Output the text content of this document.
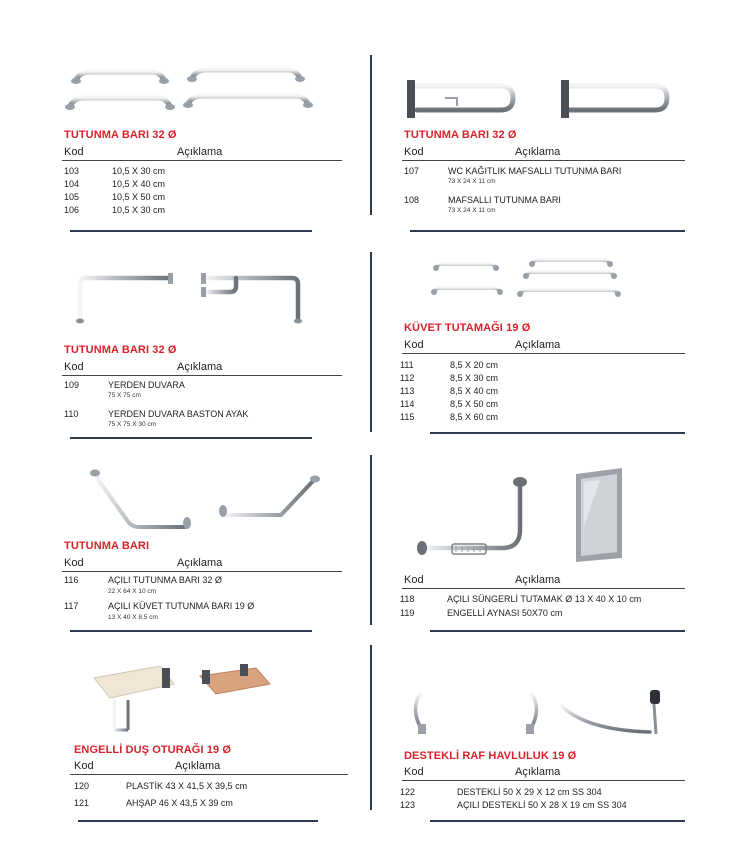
TUTUNMA BARI 32 Ø
Kod	Açıklama
103	10,5 X 30 cm
104	10,5 X 40 cm
105	10,5 X 50 cm
106	10,5 X 30 cm
TUTUNMA BARI 32 Ø
Kod	Açıklama
107	WC KAĞITLIK MAFSALLI TUTUNMA BARI
73 X 24 X 11 cm
108	MAFSALLI TUTUNMA BARI
73 X 24 X 11 cm
TUTUNMA BARI 32 Ø
Kod	Açıklama
109	YERDEN DUVARA
75 X 75 cm
110	YERDEN DUVARA BASTON AYAK
75 X 75 X 30 cm
KÜVET TUTAMAĞI 19 Ø
Kod	Açıklama
111	8,5 X 20 cm
112	8,5 X 30 cm
113	8,5 X 40 cm
114	8,5 X 50 cm
115	8,5 X 60 cm
TUTUNMA BARI
Kod	Açıklama
116	AÇILI TUTUNMA BARI 32 Ø
22 X 64 X 10 cm
117	AÇILI KÜVET TUTUNMA BARI 19 Ø
13 X 40 X 8,5 cm
Kod	Açıklama
118	AÇILI SÜNGERLİ TUTAMAK Ø 13 X 40 X 10 cm
119	ENGELLİ AYNASI 50X70 cm
ENGELLİ DUŞ OTURAĞI 19 Ø
Kod	Açıklama
120	PLASTİK 43 X 41,5 X 39,5 cm
121	AHŞAP 46 X 43,5 X 39 cm
DESTEKLİ RAF HAVLULUK 19 Ø
Kod	Açıklama
122	DESTEKLİ 50 X 29 X 12 cm SS 304
123	AÇILI DESTEKLİ 50 X 28 X 19 cm SS 304
